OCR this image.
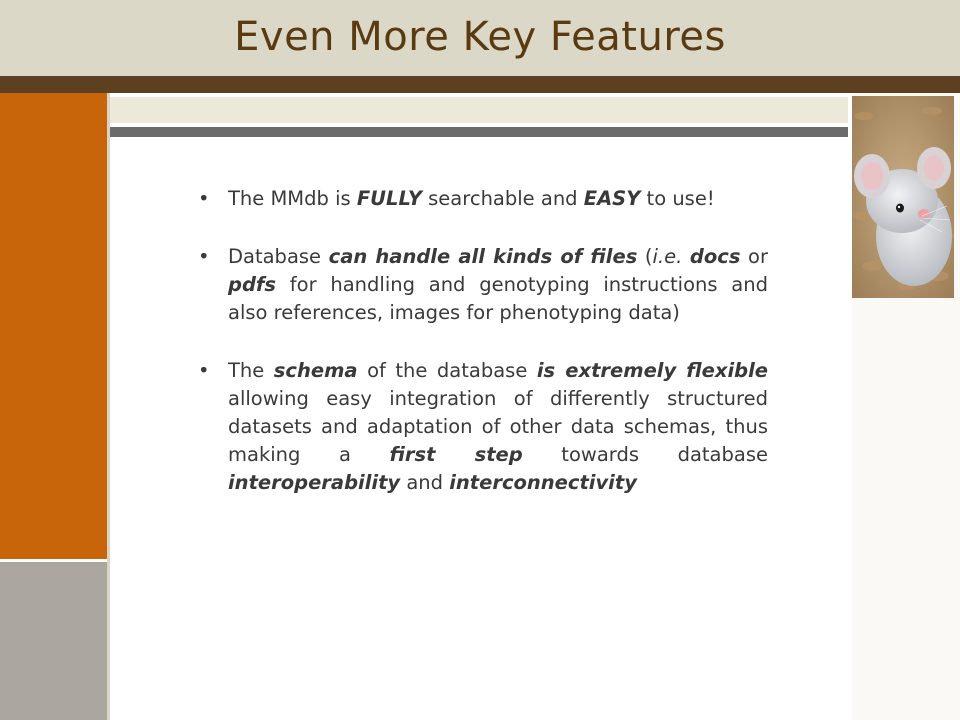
Even More Key Features
• The MMdb is FULLY searchable and EASY to use!
• Database can handle all kinds of files (i.e. docs or pdfs for handling and genotyping instructions and also references, images for phenotyping data)
• The schema of the database is extremely flexible allowing easy integration of differently structured datasets and adaptation of other data schemas, thus making a first step towards database interoperability and interconnectivity
